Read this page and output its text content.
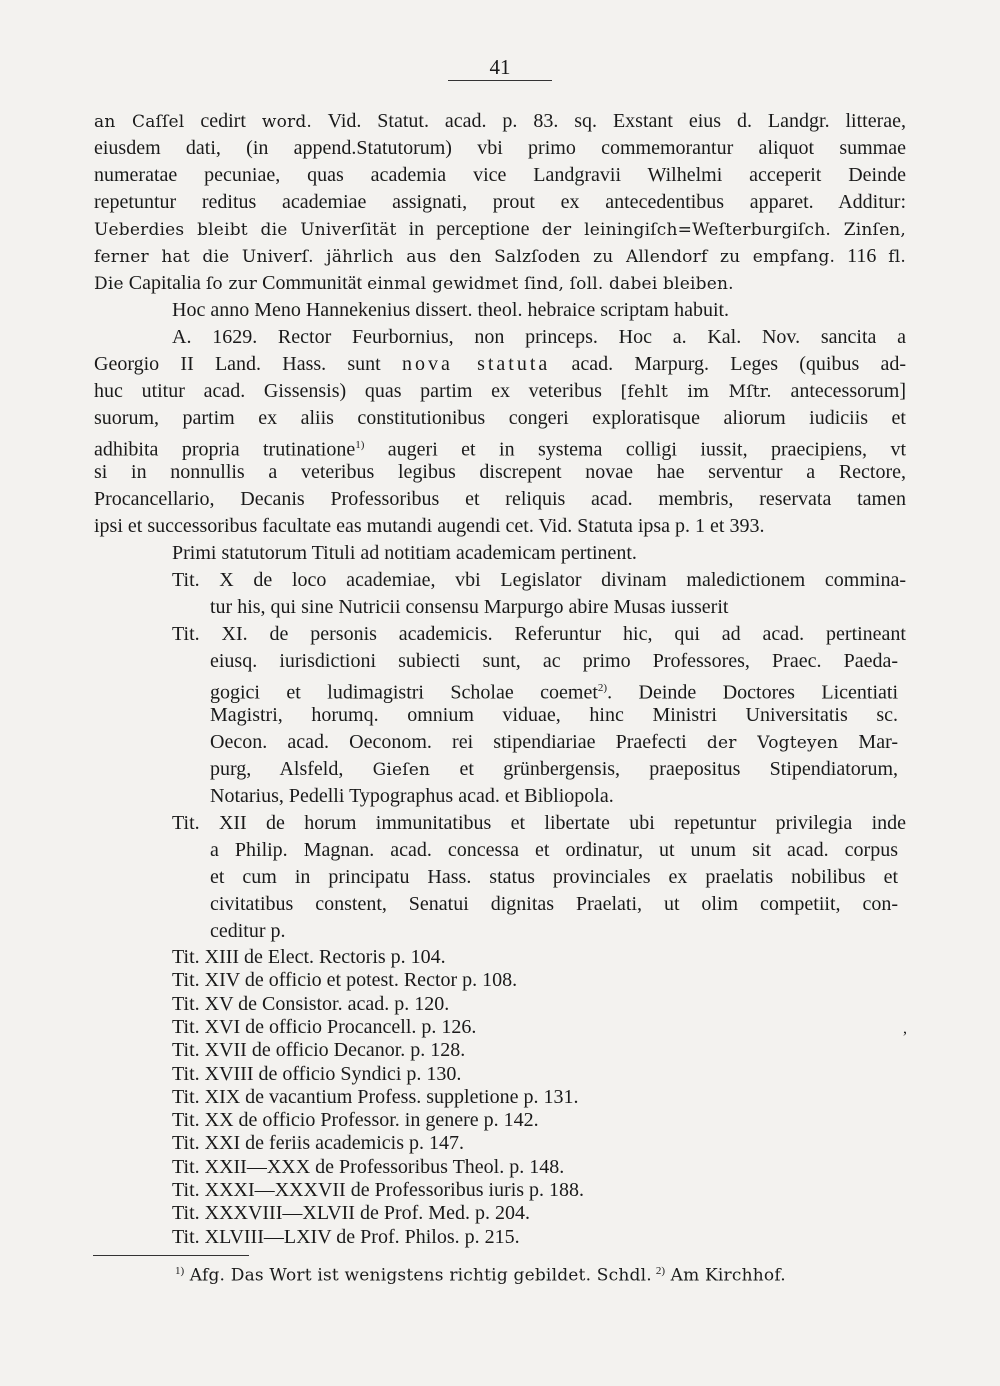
41
an Caſſel cedirt word. Vid. Statut. acad. p. 83. sq. Exstant eius d. Landgr. litterae,
eiusdem dati, (in append.Statutorum) vbi primo commemorantur aliquot summae
numeratae pecuniae, quas academia vice Landgravii Wilhelmi acceperit Deinde
repetuntur reditus academiae assignati, prout ex antecedentibus apparet. Additur:
Ueberdies bleibt die Univerſität in perceptione der leiningiſch=Weſterburgiſch. Zinſen,
ferner hat die Univerſ. jährlich aus den Salzſoden zu Allendorf zu empfang. 116 fl.
Die Capitalia ſo zur Communität einmal gewidmet ſind, ſoll. dabei bleiben.
Hoc anno Meno Hannekenius dissert. theol. hebraice scriptam habuit.
A. 1629. Rector Feurbornius, non princeps. Hoc a. Kal. Nov. sancita a
Georgio II Land. Hass. sunt nova statuta acad. Marpurg. Leges (quibus ad-
huc utitur acad. Gissensis) quas partim ex veteribus [fehlt im Mſtr. antecessorum]
suorum, partim ex aliis constitutionibus congeri exploratisque aliorum iudiciis et
adhibita propria trutinatione$^{1)}$ augeri et in systema colligi iussit, praecipiens, vt
si in nonnullis a veteribus legibus discrepent novae hae serventur a Rectore,
Procancellario, Decanis Professoribus et reliquis acad. membris, reservata tamen
ipsi et successoribus facultate eas mutandi augendi cet. Vid. Statuta ipsa p. 1 et 393.
Primi statutorum Tituli ad notitiam academicam pertinent.
Tit. X de loco academiae, vbi Legislator divinam maledictionem commina-
tur his, qui sine Nutricii consensu Marpurgo abire Musas iusserit
Tit. XI. de personis academicis. Referuntur hic, qui ad acad. pertineant
eiusq. iurisdictioni subiecti sunt, ac primo Professores, Praec. Paeda-
gogici et ludimagistri Scholae coemet$^{2)}$. Deinde Doctores Licentiati
Magistri, horumq. omnium viduae, hinc Ministri Universitatis sc.
Oecon. acad. Oeconom. rei stipendiariae Praefecti der Vogteyen Mar-
purg, Alsfeld, Gieſen et grünbergensis, praepositus Stipendiatorum,
Notarius, Pedelli Typographus acad. et Bibliopola.
Tit. XII de horum immunitatibus et libertate ubi repetuntur privilegia inde
a Philip. Magnan. acad. concessa et ordinatur, ut unum sit acad. corpus
et cum in principatu Hass. status provinciales ex praelatis nobilibus et
civitatibus constent, Senatui dignitas Praelati, ut olim competiit, con-
ceditur p.
Tit. XIII de Elect. Rectoris p. 104.
Tit. XIV de officio et potest. Rector p. 108.
Tit. XV de Consistor. acad. p. 120.
Tit. XVI de officio Procancell. p. 126.
Tit. XVII de officio Decanor. p. 128.
Tit. XVIII de officio Syndici p. 130.
Tit. XIX de vacantium Profess. suppletione p. 131.
Tit. XX de officio Professor. in genere p. 142.
Tit. XXI de feriis academicis p. 147.
Tit. XXII—XXX de Professoribus Theol. p. 148.
Tit. XXXI—XXXVII de Professoribus iuris p. 188.
Tit. XXXVIII—XLVII de Prof. Med. p. 204.
,
$^{1)}$ Afg. Das Wort ist wenigstens richtig gebildet. Schdl. $^{2)}$ Am Kirchhof.
Tit. XLVIII—LXIV de Prof. Philos. p. 215.
